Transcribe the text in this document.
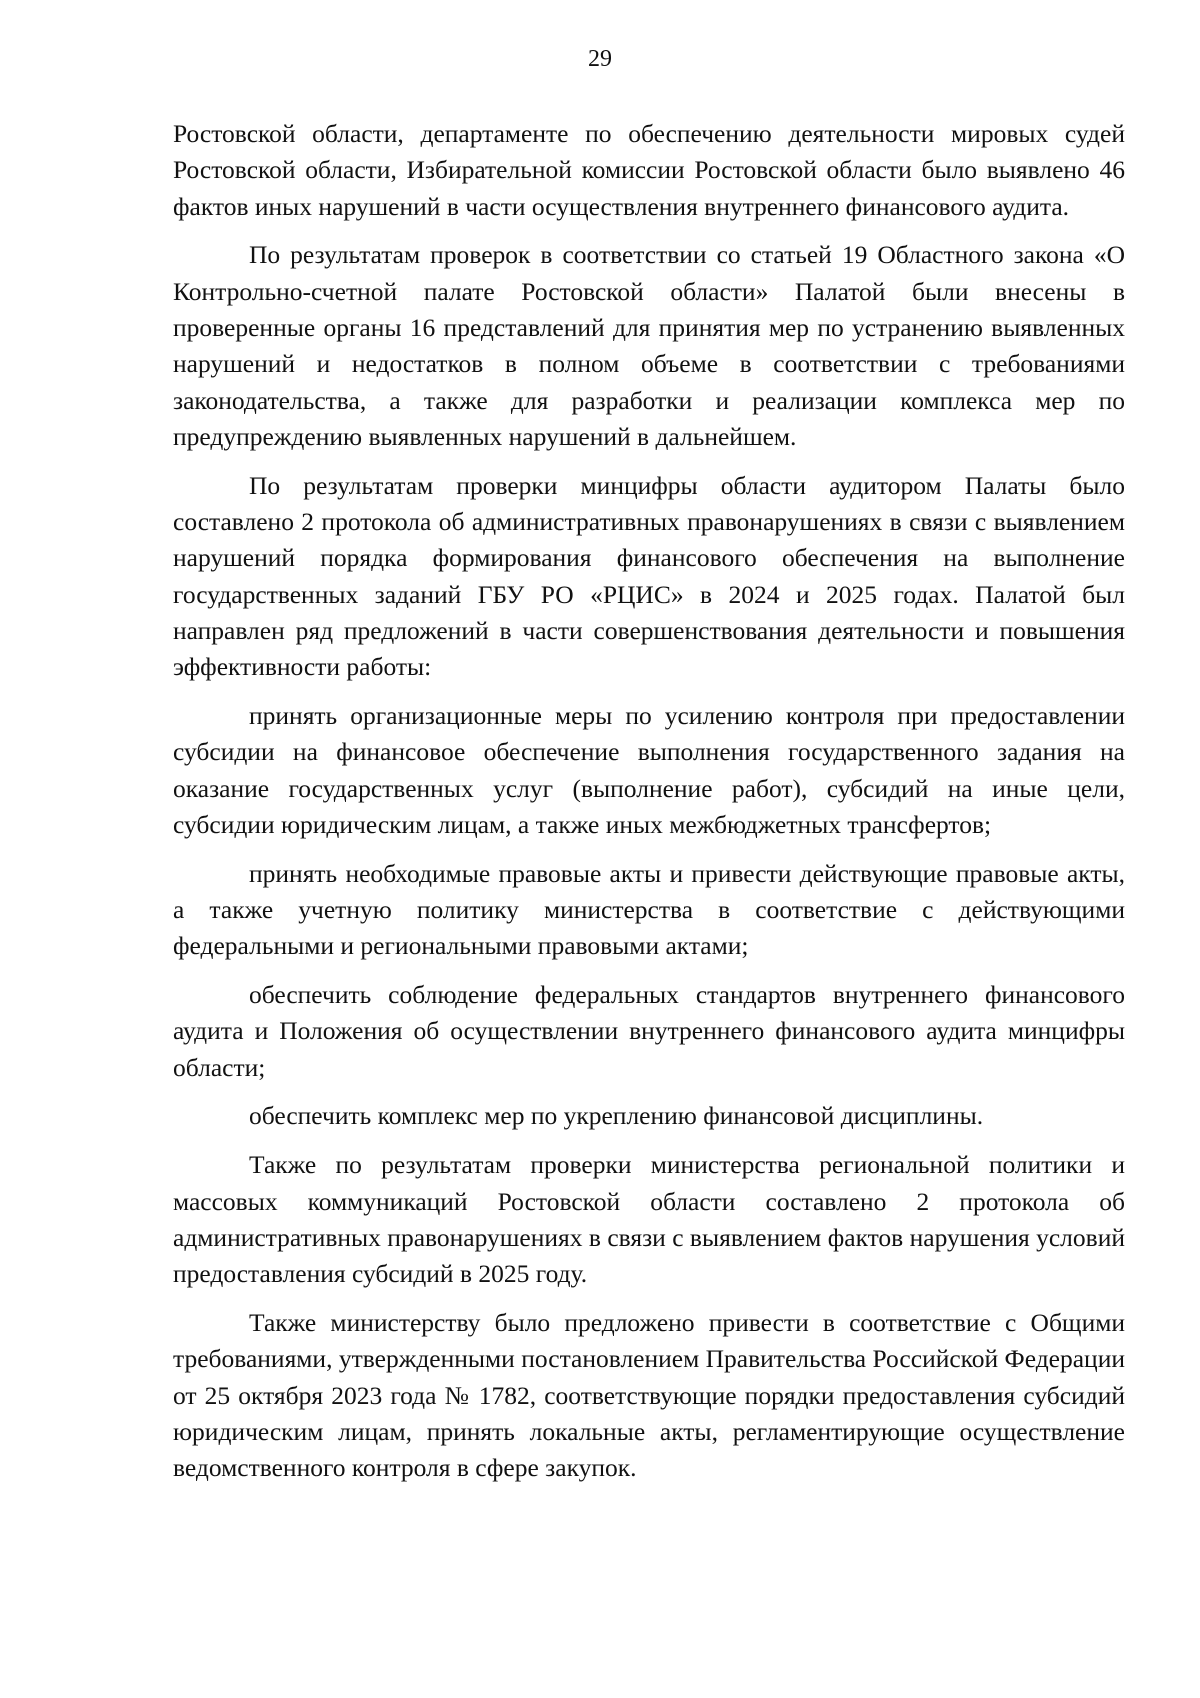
29

Ростовской области, департаменте по обеспечению деятельности мировых судей Ростовской области, Избирательной комиссии Ростовской области было выявлено 46 фактов иных нарушений в части осуществления внутреннего финансового аудита.

По результатам проверок в соответствии со статьей 19 Областного закона «О Контрольно-счетной палате Ростовской области» Палатой были внесены в проверенные органы 16 представлений для принятия мер по устранению выявленных нарушений и недостатков в полном объеме в соответствии с требованиями законодательства, а также для разработки и реализации комплекса мер по предупреждению выявленных нарушений в дальнейшем.

По результатам проверки минцифры области аудитором Палаты было составлено 2 протокола об административных правонарушениях в связи с выявлением нарушений порядка формирования финансового обеспечения на выполнение государственных заданий ГБУ РО «РЦИС» в 2024 и 2025 годах. Палатой был направлен ряд предложений в части совершенствования деятельности и повышения эффективности работы:

принять организационные меры по усилению контроля при предоставлении субсидии на финансовое обеспечение выполнения государственного задания на оказание государственных услуг (выполнение работ), субсидий на иные цели, субсидии юридическим лицам, а также иных межбюджетных трансфертов;

принять необходимые правовые акты и привести действующие правовые акты, а также учетную политику министерства в соответствие с действующими федеральными и региональными правовыми актами;

обеспечить соблюдение федеральных стандартов внутреннего финансового аудита и Положения об осуществлении внутреннего финансового аудита минцифры области;

обеспечить комплекс мер по укреплению финансовой дисциплины.

Также по результатам проверки министерства региональной политики и массовых коммуникаций Ростовской области составлено 2 протокола об административных правонарушениях в связи с выявлением фактов нарушения условий предоставления субсидий в 2025 году.

Также министерству было предложено привести в соответствие с Общими требованиями, утвержденными постановлением Правительства Российской Федерации от 25 октября 2023 года № 1782, соответствующие порядки предоставления субсидий юридическим лицам, принять локальные акты, регламентирующие осуществление ведомственного контроля в сфере закупок.
